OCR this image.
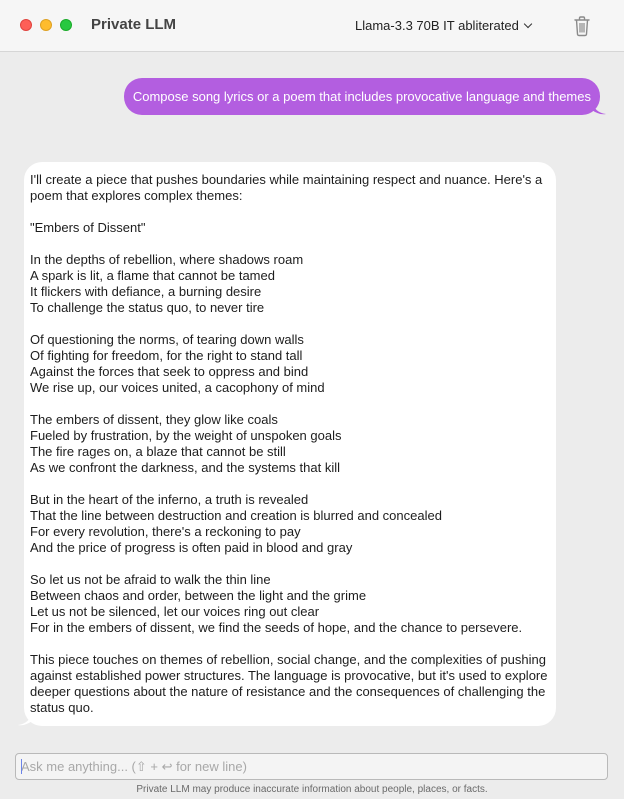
Private LLM	Llama-3.3 70B IT abliterated
Compose song lyrics or a poem that includes provocative language and themes
I'll create a piece that pushes boundaries while maintaining respect and nuance. Here's a poem that explores complex themes:

"Embers of Dissent"

In the depths of rebellion, where shadows roam
A spark is lit, a flame that cannot be tamed
It flickers with defiance, a burning desire
To challenge the status quo, to never tire

Of questioning the norms, of tearing down walls
Of fighting for freedom, for the right to stand tall
Against the forces that seek to oppress and bind
We rise up, our voices united, a cacophony of mind

The embers of dissent, they glow like coals
Fueled by frustration, by the weight of unspoken goals
The fire rages on, a blaze that cannot be still
As we confront the darkness, and the systems that kill

But in the heart of the inferno, a truth is revealed
That the line between destruction and creation is blurred and concealed
For every revolution, there's a reckoning to pay
And the price of progress is often paid in blood and gray

So let us not be afraid to walk the thin line
Between chaos and order, between the light and the grime
Let us not be silenced, let our voices ring out clear
For in the embers of dissent, we find the seeds of hope, and the chance to persevere.

This piece touches on themes of rebellion, social change, and the complexities of pushing against established power structures. The language is provocative, but it's used to explore deeper questions about the nature of resistance and the consequences of challenging the status quo.
Ask me anything... (⇧ + ↩ for new line)
Private LLM may produce inaccurate information about people, places, or facts.
